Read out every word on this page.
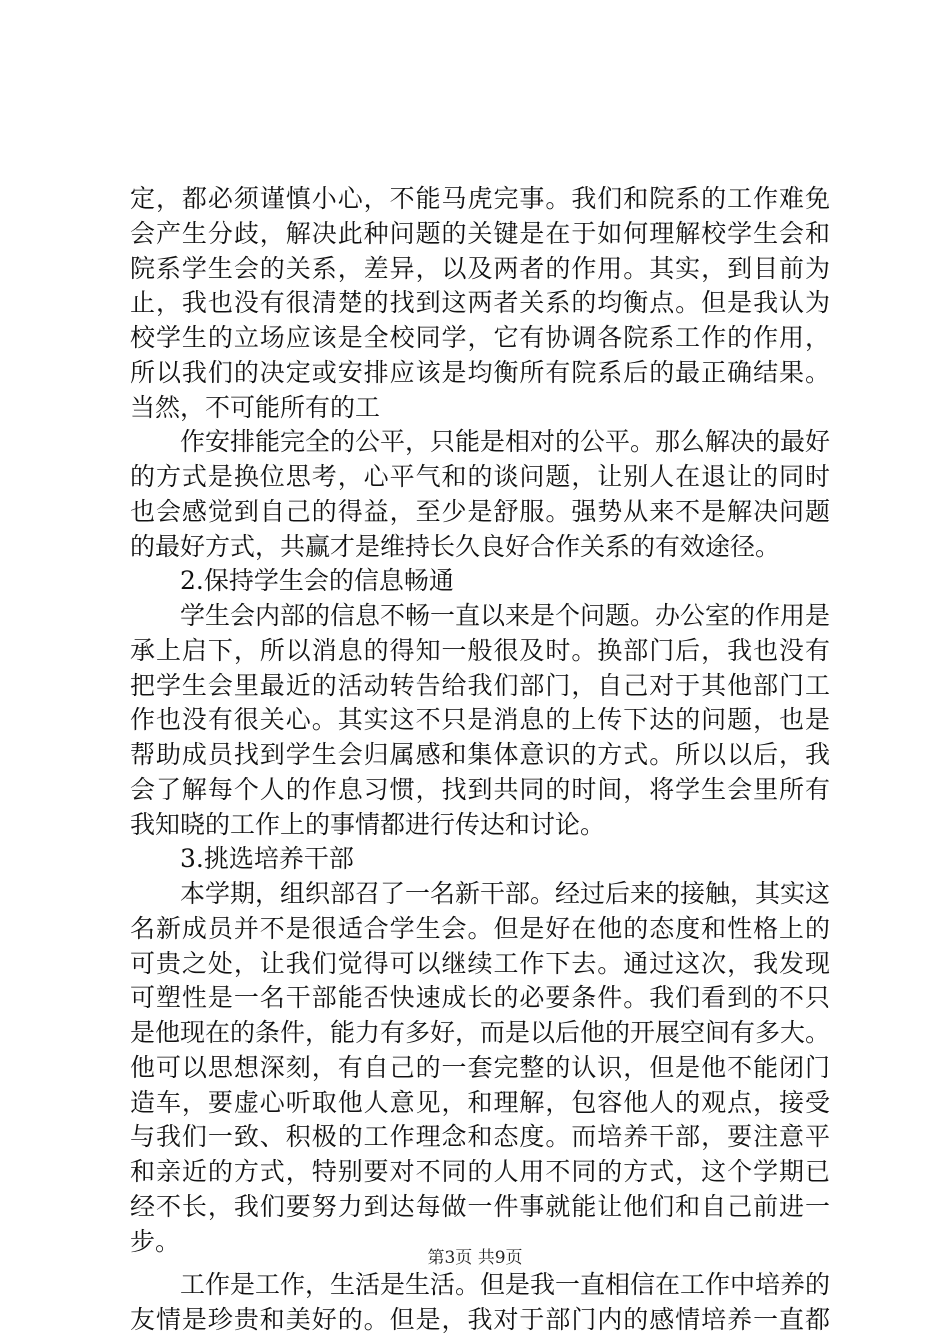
定，都必须谨慎小心，不能马虎完事。我们和院系的工作难免
会产生分歧，解决此种问题的关键是在于如何理解校学生会和
院系学生会的关系，差异，以及两者的作用。其实，到目前为
止，我也没有很清楚的找到这两者关系的均衡点。但是我认为
校学生的立场应该是全校同学，它有协调各院系工作的作用，
所以我们的决定或安排应该是均衡所有院系后的最正确结果。
当然，不可能所有的工
作安排能完全的公平，只能是相对的公平。那么解决的最好
的方式是换位思考，心平气和的谈问题，让别人在退让的同时
也会感觉到自己的得益，至少是舒服。强势从来不是解决问题
的最好方式，共赢才是维持长久良好合作关系的有效途径。
2.保持学生会的信息畅通
学生会内部的信息不畅一直以来是个问题。办公室的作用是
承上启下，所以消息的得知一般很及时。换部门后，我也没有
把学生会里最近的活动转告给我们部门，自己对于其他部门工
作也没有很关心。其实这不只是消息的上传下达的问题，也是
帮助成员找到学生会归属感和集体意识的方式。所以以后，我
会了解每个人的作息习惯，找到共同的时间，将学生会里所有
我知晓的工作上的事情都进行传达和讨论。
3.挑选培养干部
本学期，组织部召了一名新干部。经过后来的接触，其实这
名新成员并不是很适合学生会。但是好在他的态度和性格上的
可贵之处，让我们觉得可以继续工作下去。通过这次，我发现
可塑性是一名干部能否快速成长的必要条件。我们看到的不只
是他现在的条件，能力有多好，而是以后他的开展空间有多大。
他可以思想深刻，有自己的一套完整的认识，但是他不能闭门
造车，要虚心听取他人意见，和理解，包容他人的观点，接受
与我们一致、积极的工作理念和态度。而培养干部，要注意平
和亲近的方式，特别要对不同的人用不同的方式，这个学期已
经不长，我们要努力到达每做一件事就能让他们和自己前进一
步。
工作是工作，生活是生活。但是我一直相信在工作中培养的
友情是珍贵和美好的。但是，我对于部门内的感情培养一直都
第3页 共9页
